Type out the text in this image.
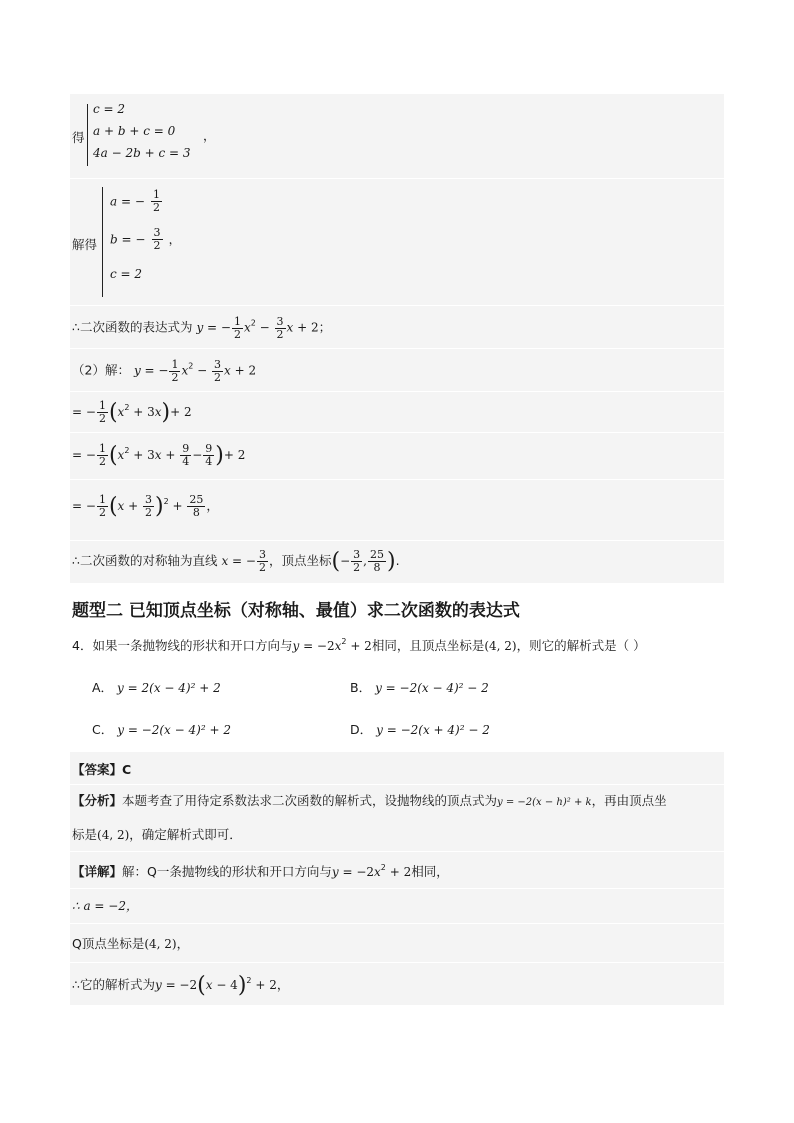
得
c = 2
a + b + c = 0
4a − 2b + c = 3
，
解得
a = − $\frac{1}{2}$
b = − $\frac{3}{2}$ ，
c = 2
∴二次函数的表达式为 y = − $\frac{1}{2} x^2 - \frac{3}{2}$ x + 2；
（2）解： y = − $\frac{1}{2} x^2 - \frac{3}{2}$ x + 2
= − $\frac{1}{2} (x^2 + 3x)+ 2$
= − $\frac{1}{2} (x^2 + 3x + \frac{9}{4} - \frac{9}{4}$ )+ 2
= − $\frac{1}{2} (x + \frac{3}{2} )^2 + \frac{25}{8}$ ，
∴二次函数的对称轴为直线 x = − $\frac{3}{2}$ ，顶点坐标(− $\frac{3}{2}$ , $\frac{25}{8}$ ).
题型二 已知顶点坐标（对称轴、最值）求二次函数的表达式
4．如果一条抛物线的形状和开口方向与$y = -2x^2 + 2$相同，且顶点坐标是(4, 2)，则它的解析式是（ ）
A． y = 2(x − 4)² + 2	B． y = −2(x − 4)² − 2
C． y = −2(x − 4)² + 2	D． y = −2(x + 4)² − 2
【答案】C
【分析】本题考查了用待定系数法求二次函数的解析式，设抛物线的顶点式为y = −2(x − h)² + k，再由顶点坐
标是(4, 2)，确定解析式即可．
【详解】解：Q一条抛物线的形状和开口方向与$y = -2x^2 + 2$相同，
∴ a = −2，
Q顶点坐标是(4, 2)，
∴它的解析式为$y = -2(x - 4)^2 + 2$，
